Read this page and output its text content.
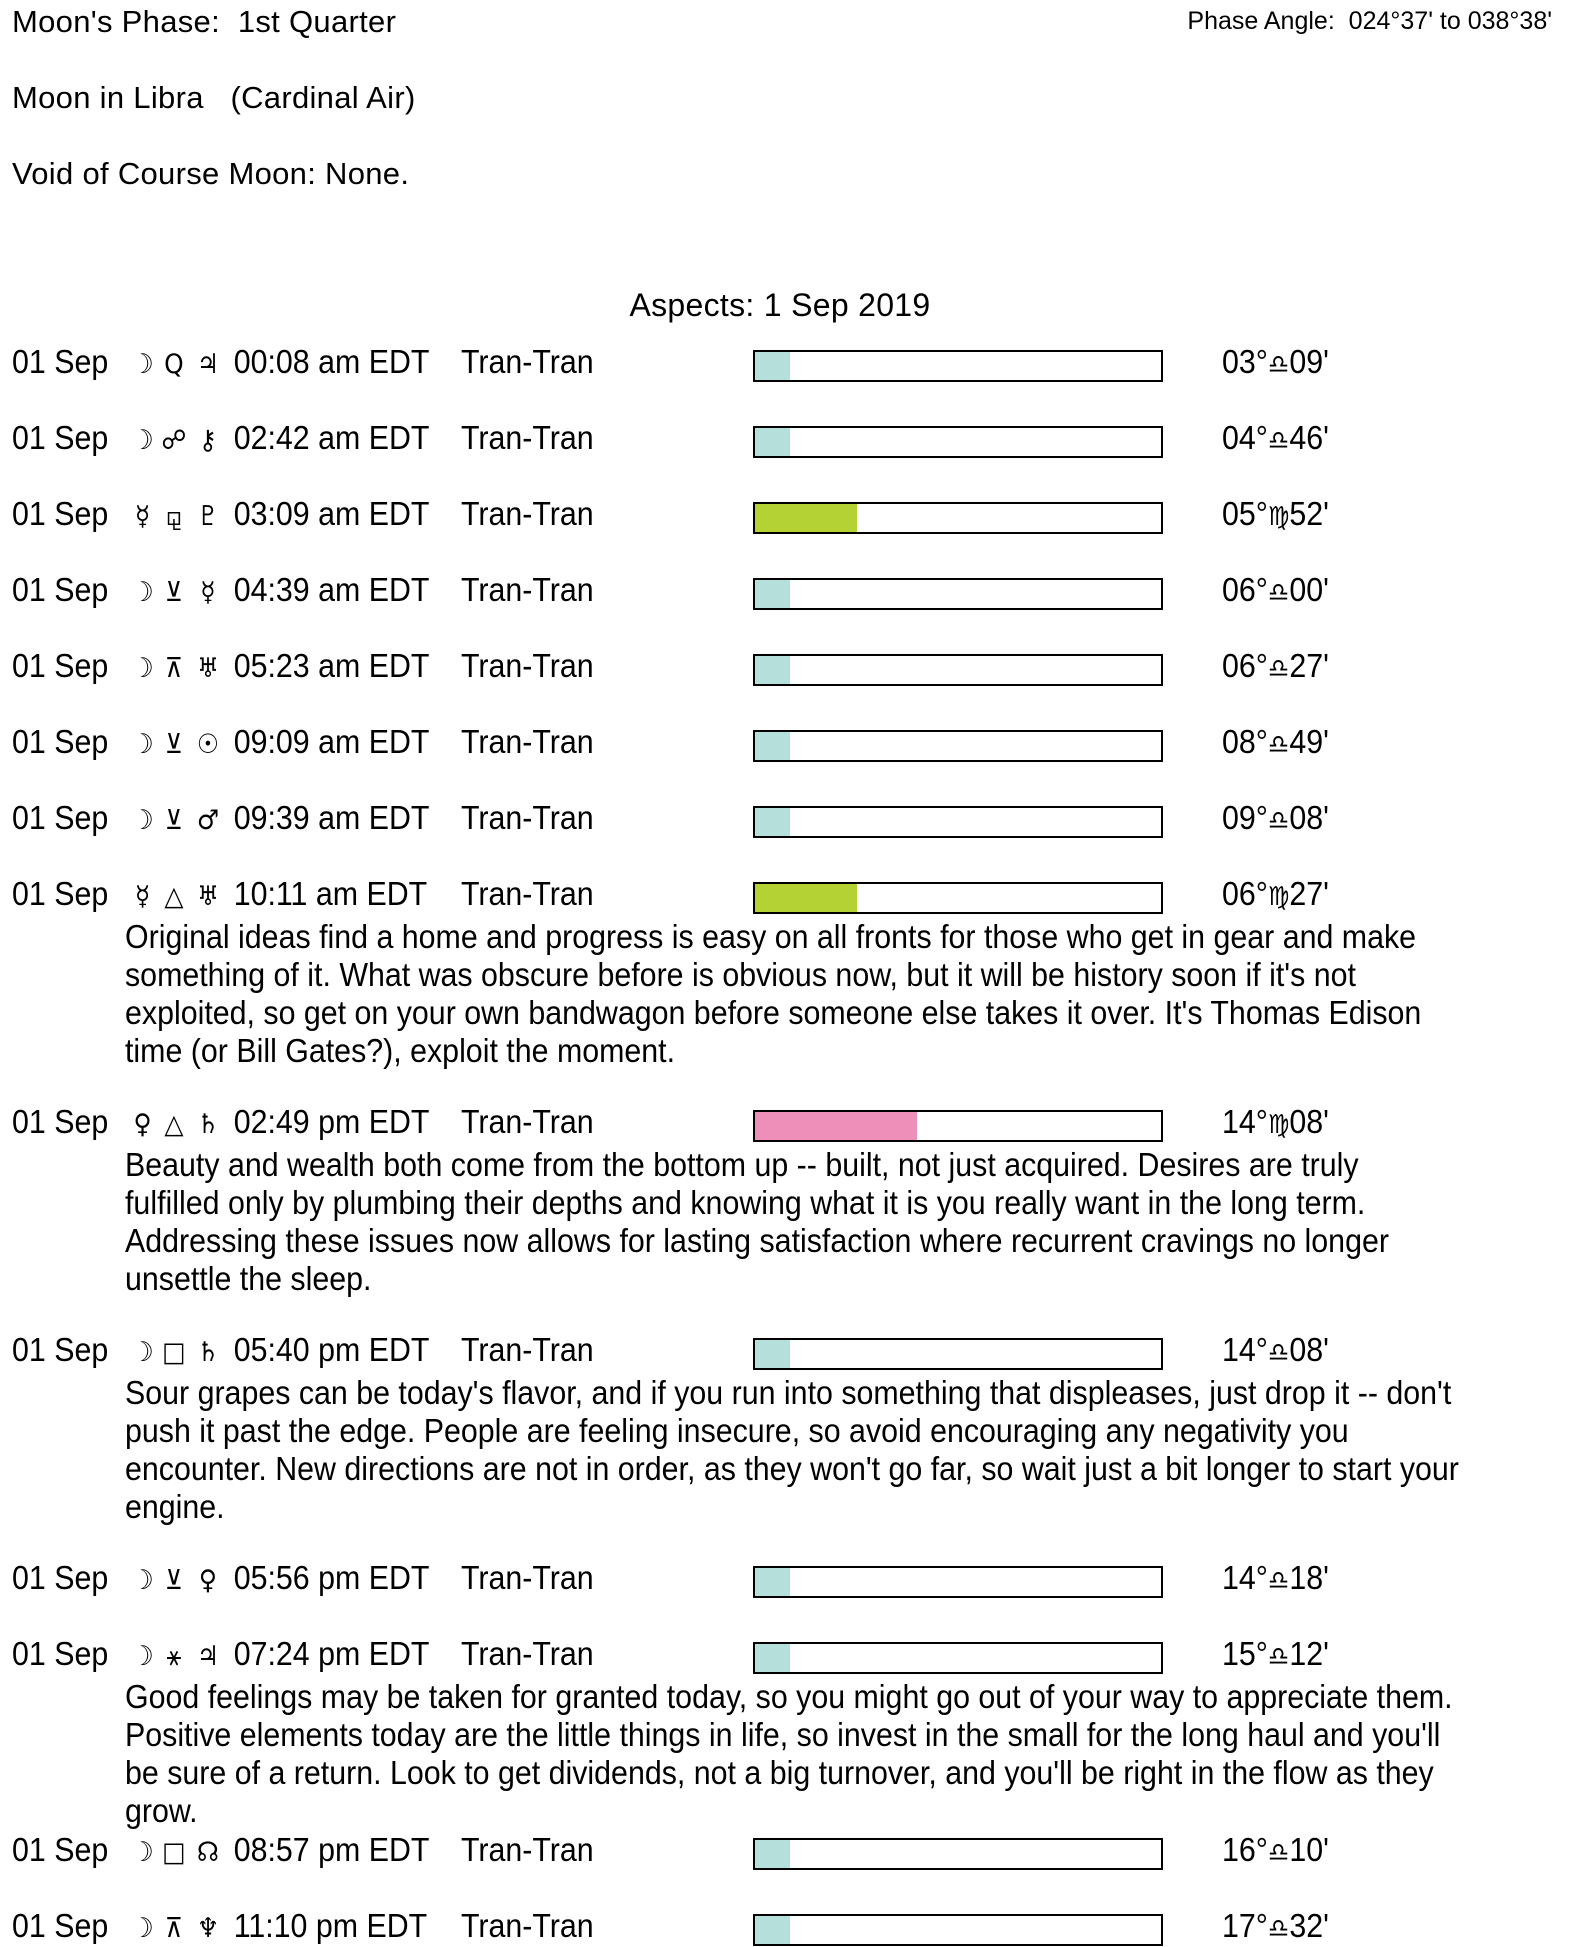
Moon's Phase: 1st Quarter
Moon in Libra (Cardinal Air)
Void of Course Moon: None.
Phase Angle: 024°37' to 038°38'
Aspects: 1 Sep 2019
01 Sep ☽ Q ♃ 00:08 am EDT Tran-Tran	03°♎09'
01 Sep ☽ ☍ ⚷ 02:42 am EDT Tran-Tran	04°♎46'
01 Sep ☿ ⚼ ♇ 03:09 am EDT Tran-Tran	05°♍52'
01 Sep ☽ ⊻ ☿ 04:39 am EDT Tran-Tran	06°♎00'
01 Sep ☽ ⊼ ♅ 05:23 am EDT Tran-Tran	06°♎27'
01 Sep ☽ ⊻ ☉ 09:09 am EDT Tran-Tran	08°♎49'
01 Sep ☽ ⊻ ♂ 09:39 am EDT Tran-Tran	09°♎08'
01 Sep ☿ △ ♅ 10:11 am EDT Tran-Tran	06°♍27'
Original ideas find a home and progress is easy on all fronts for those who get in gear and make something of it. What was obscure before is obvious now, but it will be history soon if it's not exploited, so get on your own bandwagon before someone else takes it over. It's Thomas Edison time (or Bill Gates?), exploit the moment.
01 Sep ♀ △ ♄ 02:49 pm EDT Tran-Tran	14°♍08'
Beauty and wealth both come from the bottom up -- built, not just acquired. Desires are truly fulfilled only by plumbing their depths and knowing what it is you really want in the long term. Addressing these issues now allows for lasting satisfaction where recurrent cravings no longer unsettle the sleep.
01 Sep ☽ □ ♄ 05:40 pm EDT Tran-Tran	14°♎08'
Sour grapes can be today's flavor, and if you run into something that displeases, just drop it -- don't push it past the edge. People are feeling insecure, so avoid encouraging any negativity you encounter. New directions are not in order, as they won't go far, so wait just a bit longer to start your engine.
01 Sep ☽ ⊻ ♀ 05:56 pm EDT Tran-Tran	14°♎18'
01 Sep ☽ ⚹ ♃ 07:24 pm EDT Tran-Tran	15°♎12'
Good feelings may be taken for granted today, so you might go out of your way to appreciate them. Positive elements today are the little things in life, so invest in the small for the long haul and you'll be sure of a return. Look to get dividends, not a big turnover, and you'll be right in the flow as they grow.
01 Sep ☽ □ ☊ 08:57 pm EDT Tran-Tran	16°♎10'
01 Sep ☽ ⊼ ♆ 11:10 pm EDT Tran-Tran	17°♎32'
